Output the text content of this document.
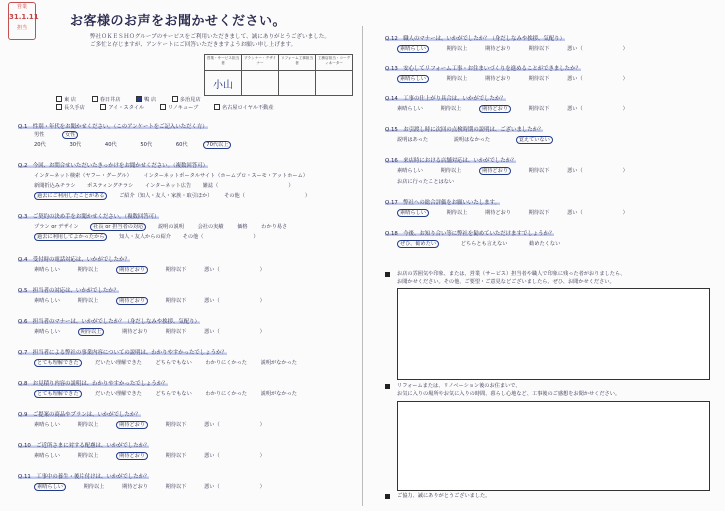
営業
31.1.11
担当	お客様のお声をお聞かせください。
弊社ＯＫＥＳＨＯグループのサービスをご利用いただきまして、誠にありがとうございました。
ご多忙と存じますが、アンケートにご回答いただきますようお願い申し上げます。
営業・サービス担当者	プランナー・デザイナー	リフォーム工事担当者	工務店担当・コーディネーター
小山			
東 店	春日井店	鴨 店	多治見店
長久手店	アイ・スタイル	リノキューブ	名古屋ロイヤル不動産
Q.1　 性別・年代をお聞かせください。（このアンケートをご記入いただく方）
男性	女性
20代	30代	40代	50代	60代	70代以上
Q.2　 今回、お問合せいただいたきっかけをお聞かせください。（複数回答可）
インターネット検索（ヤフー・グーグル） インターネットポータルサイト（ホームプロ・スーモ・アットホーム）
新聞折込みチラシ ポスティングチラシ インターネット広告 雑誌（	）
過去にご利用したことがある	ご紹介（知人・友人・家族・取引ほか） その他（	）
Q.3　 ご契約の決め手をお聞かせください。（複数回答可）
プラン or デザイン	社長 or 担当者の対応	説明の説明	会社の実績	価格	わかり易さ
過去に利用してよかったから	知人・友人からの紹介 その他（	）
Q.4　 受付時の電話対応は、いかがでしたか？
素晴らしい	期待以上	期待どおり	期待以下	悪い（	）
Q.5　 担当者の対応は、いかがでしたか？
素晴らしい	期待以上	期待どおり	期待以下	悪い（	）
Q.6　 担当者のマナーは、いかがでしたか？（身だしなみや挨拶、気配り）
素晴らしい	期待以上	期待どおり	期待以下	悪い（	）
Q.7　 担当者による弊社の事業内容についての説明は、わかりやすかったでしょうか？
とても理解できた	だいたい理解できた	どちらでもない	わかりにくかった	説明がなかった
Q.8　 お見積り内容の説明は、わかりやすかったでしょうか？
とても理解できた	だいたい理解できた	どちらでもない	わかりにくかった	説明がなかった
Q.9　 ご提案の商品やプランは、いかがでしたか？
素晴らしい	期待以上	期待どおり	期待以下	悪い（	）
Q.10　 ご近所さまに対する配慮は、いかがでしたか？
素晴らしい	期待以上	期待どおり	期待以下	悪い（	）
Q.11　 工事中の養生・後片付けは、いかがでしたか？
素晴らしい	期待以上	期待どおり	期待以下	悪い（	）
Q.12　 職人のマナーは、いかがでしたか？（身だしなみや挨拶、気配り）
素晴らしい	期待以上	期待どおり	期待以下	悪い（	）
Q.13　 安心してリフォーム工事・お住まいづくりを進めることができましたか？
素晴らしい	期待以上	期待どおり	期待以下	悪い（	）
Q.14　 工事の仕上がり具合は、いかがでしたか？
素晴らしい	期待以上	期待どおり	期待以下	悪い（	）
Q.15　 お引渡し時に次回の点検時期の説明は、ございましたか？
説明はあった	説明はなかった	覚えていない
Q.16　 来店時における店舗対応は、いかがでしたか？
素晴らしい	期待以上	期待どおり	期待以下	悪い（	）
お店に行ったことはない
Q.17　 弊社への総合評価をお願いいたします。
素晴らしい	期待以上	期待どおり	期待以下	悪い（	）
Q.18　 今後、お知り合い等に弊社を勧めていただけますでしょうか？
ぜひ、勧めたい	どちらとも言えない	勧めたくない
お店の雰囲気や印象、または、営業（サービス）担当者や職人で印象に残った者がおりましたら、
お聞かせください。その他、ご要望・ご意見などございましたら、ぜひ、お聞かせください。
リフォームまたは、リノベーション後のお住まいで、
お気に入りの場所やお気に入りの時間、暮らし心地など、工事後のご感想をお聞かせください。
ご協力、誠にありがとうございました。
